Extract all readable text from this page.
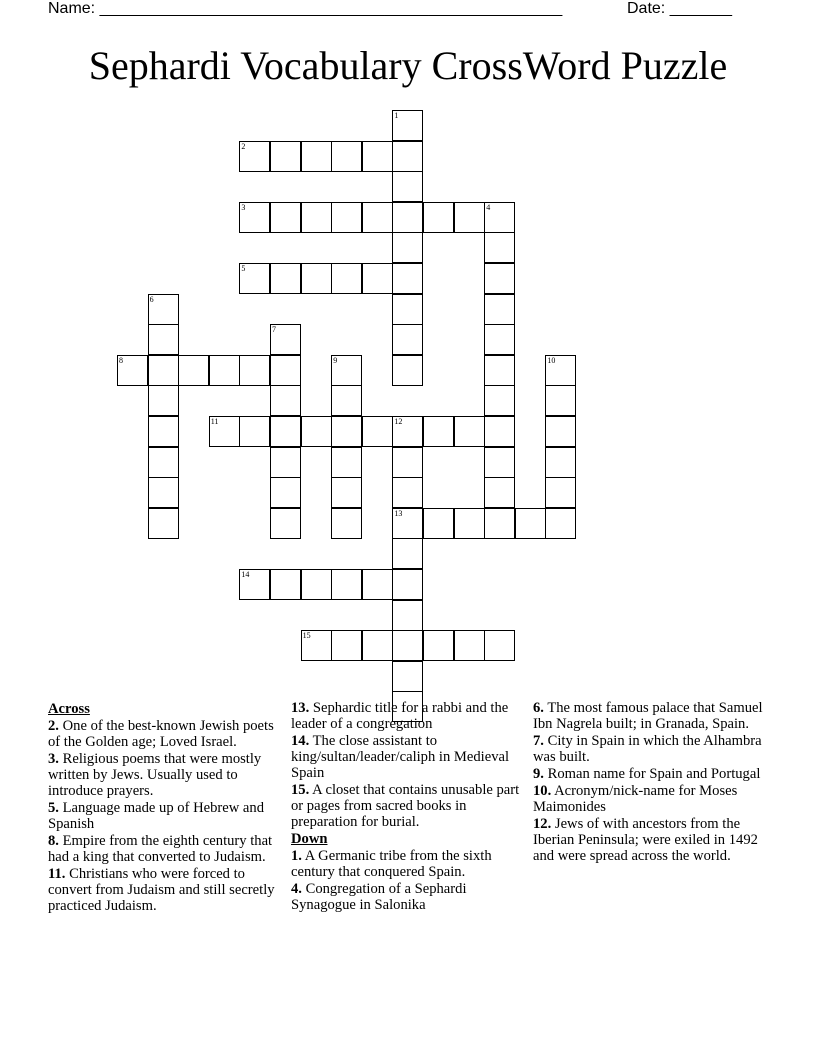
Name: ____________________________________________________	Date: _______
Sephardi Vocabulary CrossWord Puzzle
1
2
3	4
5
6
7
8	9	10
11	12
13
14
15
Across
2. One of the best-known Jewish poets of the Golden age; Loved Israel.
3. Religious poems that were mostly written by Jews. Usually used to introduce prayers.
5. Language made up of Hebrew and Spanish
8. Empire from the eighth century that had a king that converted to Judaism.
11. Christians who were forced to convert from Judaism and still secretly practiced Judaism.
13. Sephardic title for a rabbi and the leader of a congregation
14. The close assistant to king/sultan/leader/caliph in Medieval Spain
15. A closet that contains unusable part or pages from sacred books in preparation for burial.
Down
1. A Germanic tribe from the sixth century that conquered Spain.
4. Congregation of a Sephardi Synagogue in Salonika
6. The most famous palace that Samuel Ibn Nagrela built; in Granada, Spain.
7. City in Spain in which the Alhambra was built.
9. Roman name for Spain and Portugal
10. Acronym/nick-name for Moses Maimonides
12. Jews of with ancestors from the Iberian Peninsula; were exiled in 1492 and were spread across the world.
